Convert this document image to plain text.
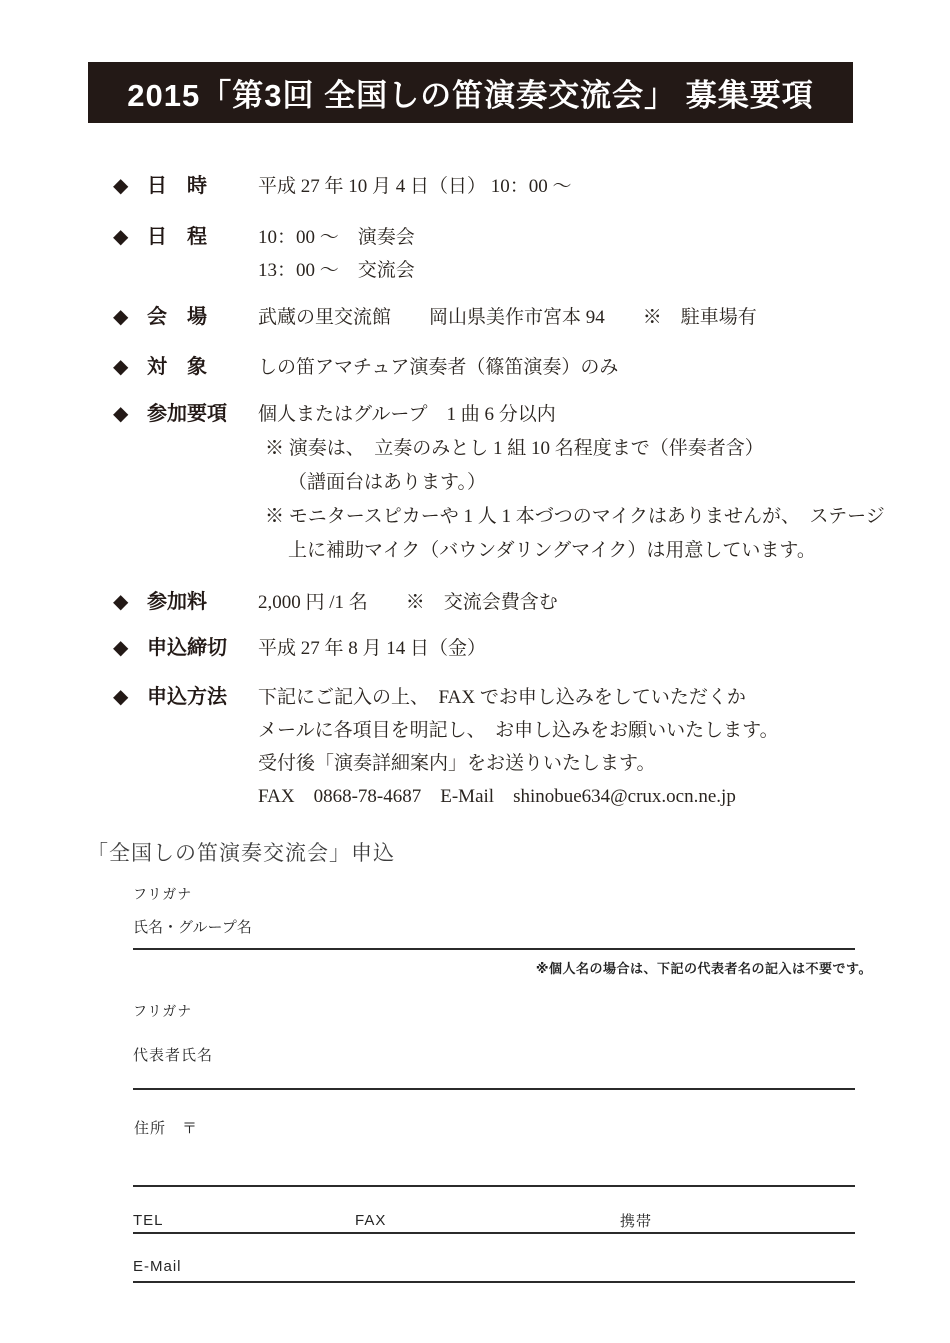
2015「第3回 全国しの笛演奏交流会」 募集要項
◆ 日　時	平成 27 年 10 月 4 日（日） 10：00 ～
◆ 日　程	10：00 ～　演奏会
13：00 ～　交流会
◆ 会　場	武蔵の里交流館　　岡山県美作市宮本 94　　※　駐車場有
◆ 対　象	しの笛アマチュア演奏者（篠笛演奏）のみ
◆ 参加要項	個人またはグループ　1 曲 6 分以内
※ 演奏は、　立奏のみとし 1 組 10 名程度まで（伴奏者含）
（譜面台はあります。）
※ モニタースピカーや 1 人 1 本づつのマイクはありませんが、　ステージ
上に補助マイク（バウンダリングマイク）は用意しています。
◆ 参加料	2,000 円 /1 名　　※　交流会費含む
◆ 申込締切	平成 27 年 8 月 14 日（金）
◆ 申込方法	下記にご記入の上、　FAX でお申し込みをしていただくか
メールに各項目を明記し、　お申し込みをお願いいたします。
受付後「演奏詳細案内」をお送りいたします。
FAX　0868-78-4687　E-Mail　shinobue634@crux.ocn.ne.jp
「全国しの笛演奏交流会」申込
フリガナ
氏名・グループ名
※個人名の場合は、下記の代表者名の記入は不要です。
フリガナ
代表者氏名
住所　〒
TEL	FAX	携帯
E-Mail
